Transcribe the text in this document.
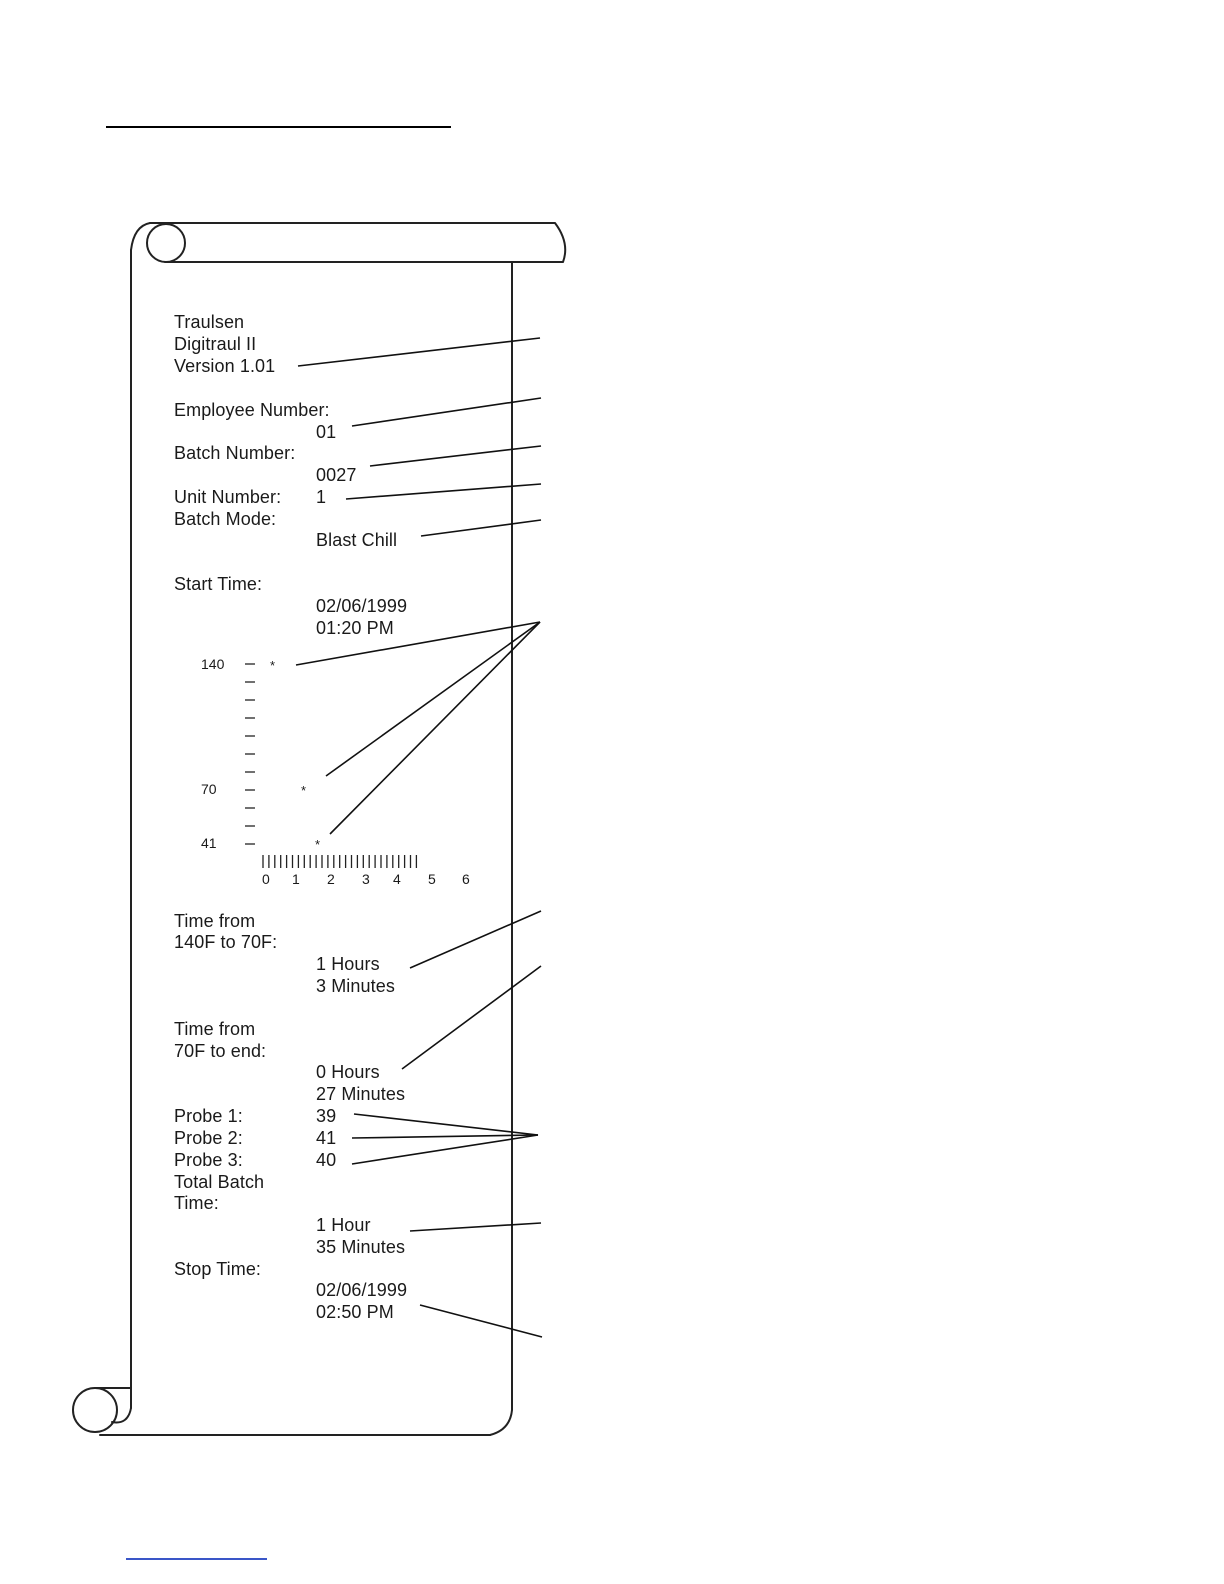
Traulsen
Digitraul II
Version 1.01
Employee Number:
01
Batch Number:
0027
Unit Number: 1
Batch Mode:
Blast Chill
Start Time:
02/06/1999
01:20 PM
140
70
41
0 1 2 3 4 5 6
*
*
*
Time from
140F to 70F:
1 Hours
3 Minutes
Time from
70F to end:
0 Hours
27 Minutes
Probe 1:	39
Probe 2:	41
Probe 3:	40
Total Batch
Time:
1 Hour
35 Minutes
Stop Time:
02/06/1999
02:50 PM
